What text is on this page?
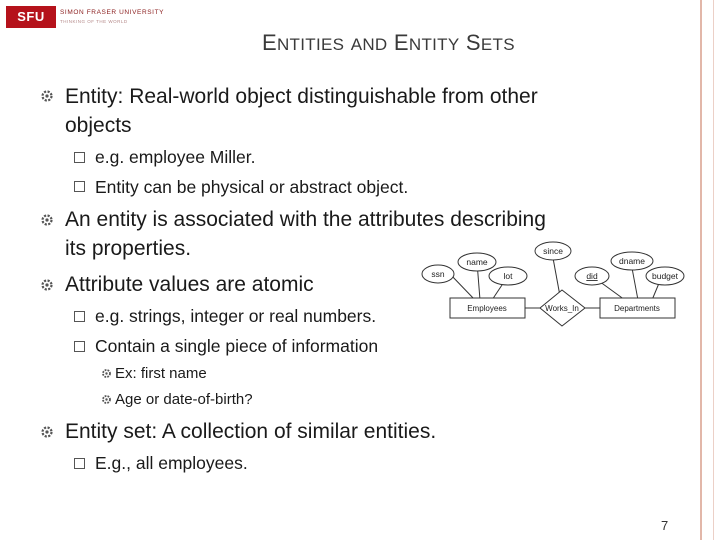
SFU	SIMON FRASER UNIVERSITY
THINKING OF THE WORLD
ENTITIES AND ENTITY SETS
Entity: Real-world object distinguishable from other
objects
e.g. employee Miller.
Entity can be physical or abstract object.
An entity is associated with the attributes describing
its properties.
Attribute values are atomic
e.g. strings, integer or real numbers.
Contain a single piece of information
Ex: first name
Age or date-of-birth?
Entity set: A collection of similar entities.
E.g., all employees.
ssn
name
lot
since
did
dname
budget
Employees	Works_In	Departments
7
